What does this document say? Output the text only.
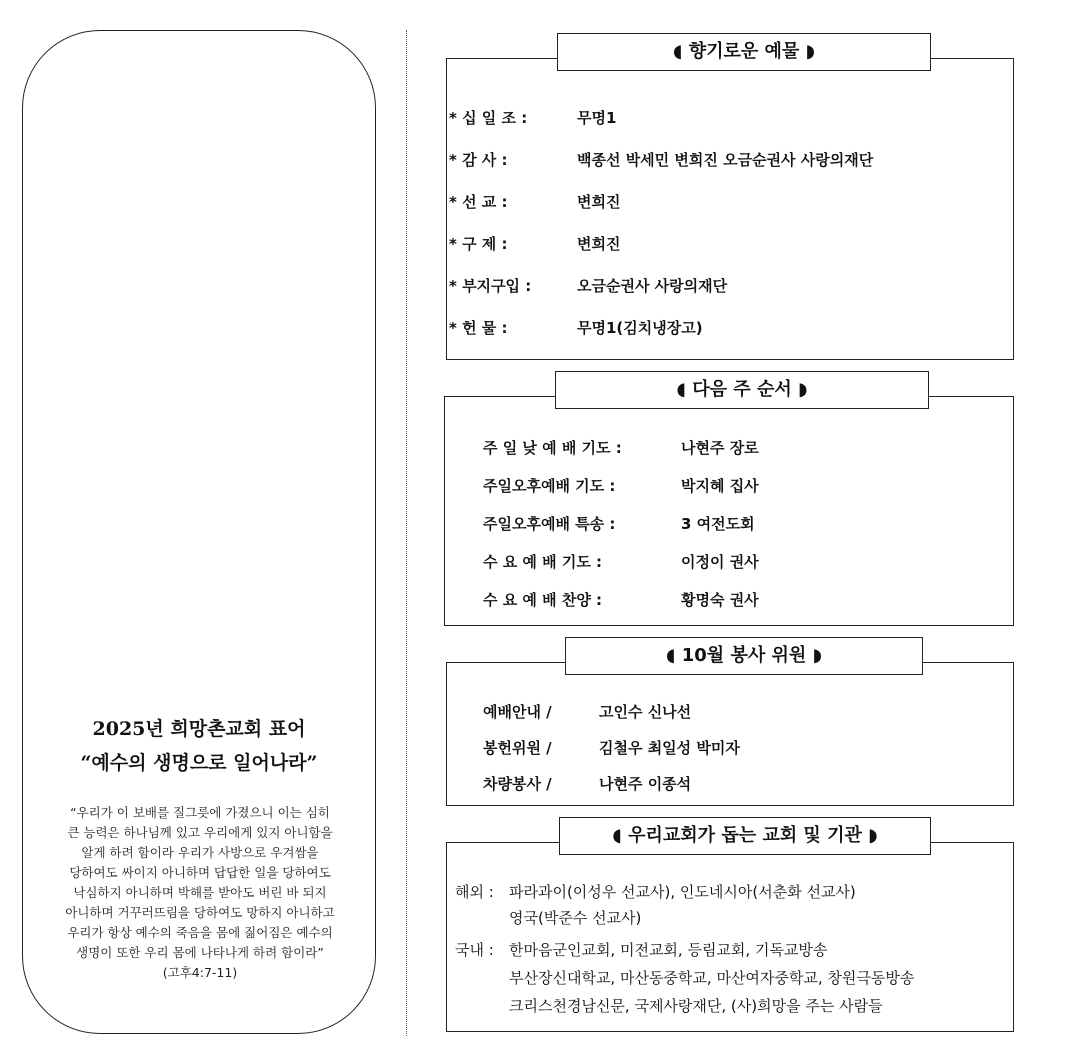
2025년 희망촌교회 표어
“예수의 생명으로 일어나라”
“우리가 이 보배를 질그릇에 가졌으니 이는 심히
큰 능력은 하나님께 있고 우리에게 있지 아니함을
알게 하려 함이라 우리가 사방으로 우겨쌈을
당하여도 싸이지 아니하며 답답한 일을 당하여도
낙심하지 아니하며 박해를 받아도 버린 바 되지
아니하며 거꾸러뜨림을 당하여도 망하지 아니하고
우리가 항상 예수의 죽음을 몸에 짊어짐은 예수의
생명이 또한 우리 몸에 나타나게 하려 함이라”
(고후4:7-11)
◖ 향기로운 예물 ◗
* 십 일 조 :	무명1
* 감 사 :	백종선 박세민 변희진 오금순권사 사랑의재단
* 선 교 :	변희진
* 구 제 :	변희진
* 부지구입 :	오금순권사 사랑의재단
* 헌 물 :	무명1(김치냉장고)
◖ 다음 주 순서 ◗
주 일 낮 예 배 기도 :	나현주 장로
주일오후예배 기도 :	박지혜 집사
주일오후예배 특송 :	3 여전도회
수 요 예 배 기도 :	이정이 권사
수 요 예 배 찬양 :	황명숙 권사
◖ 10월 봉사 위원 ◗
예배안내 /	고인수 신나선
봉헌위원 /	김철우 최일성 박미자
차량봉사 /	나현주 이종석
◖ 우리교회가 돕는 교회 및 기관 ◗
해외 : 파라과이(이성우 선교사), 인도네시아(서춘화 선교사)
영국(박준수 선교사)
국내 : 한마음군인교회, 미전교회, 등림교회, 기독교방송
부산장신대학교, 마산동중학교, 마산여자중학교, 창원극동방송
크리스천경남신문, 국제사랑재단, (사)희망을 주는 사람들
